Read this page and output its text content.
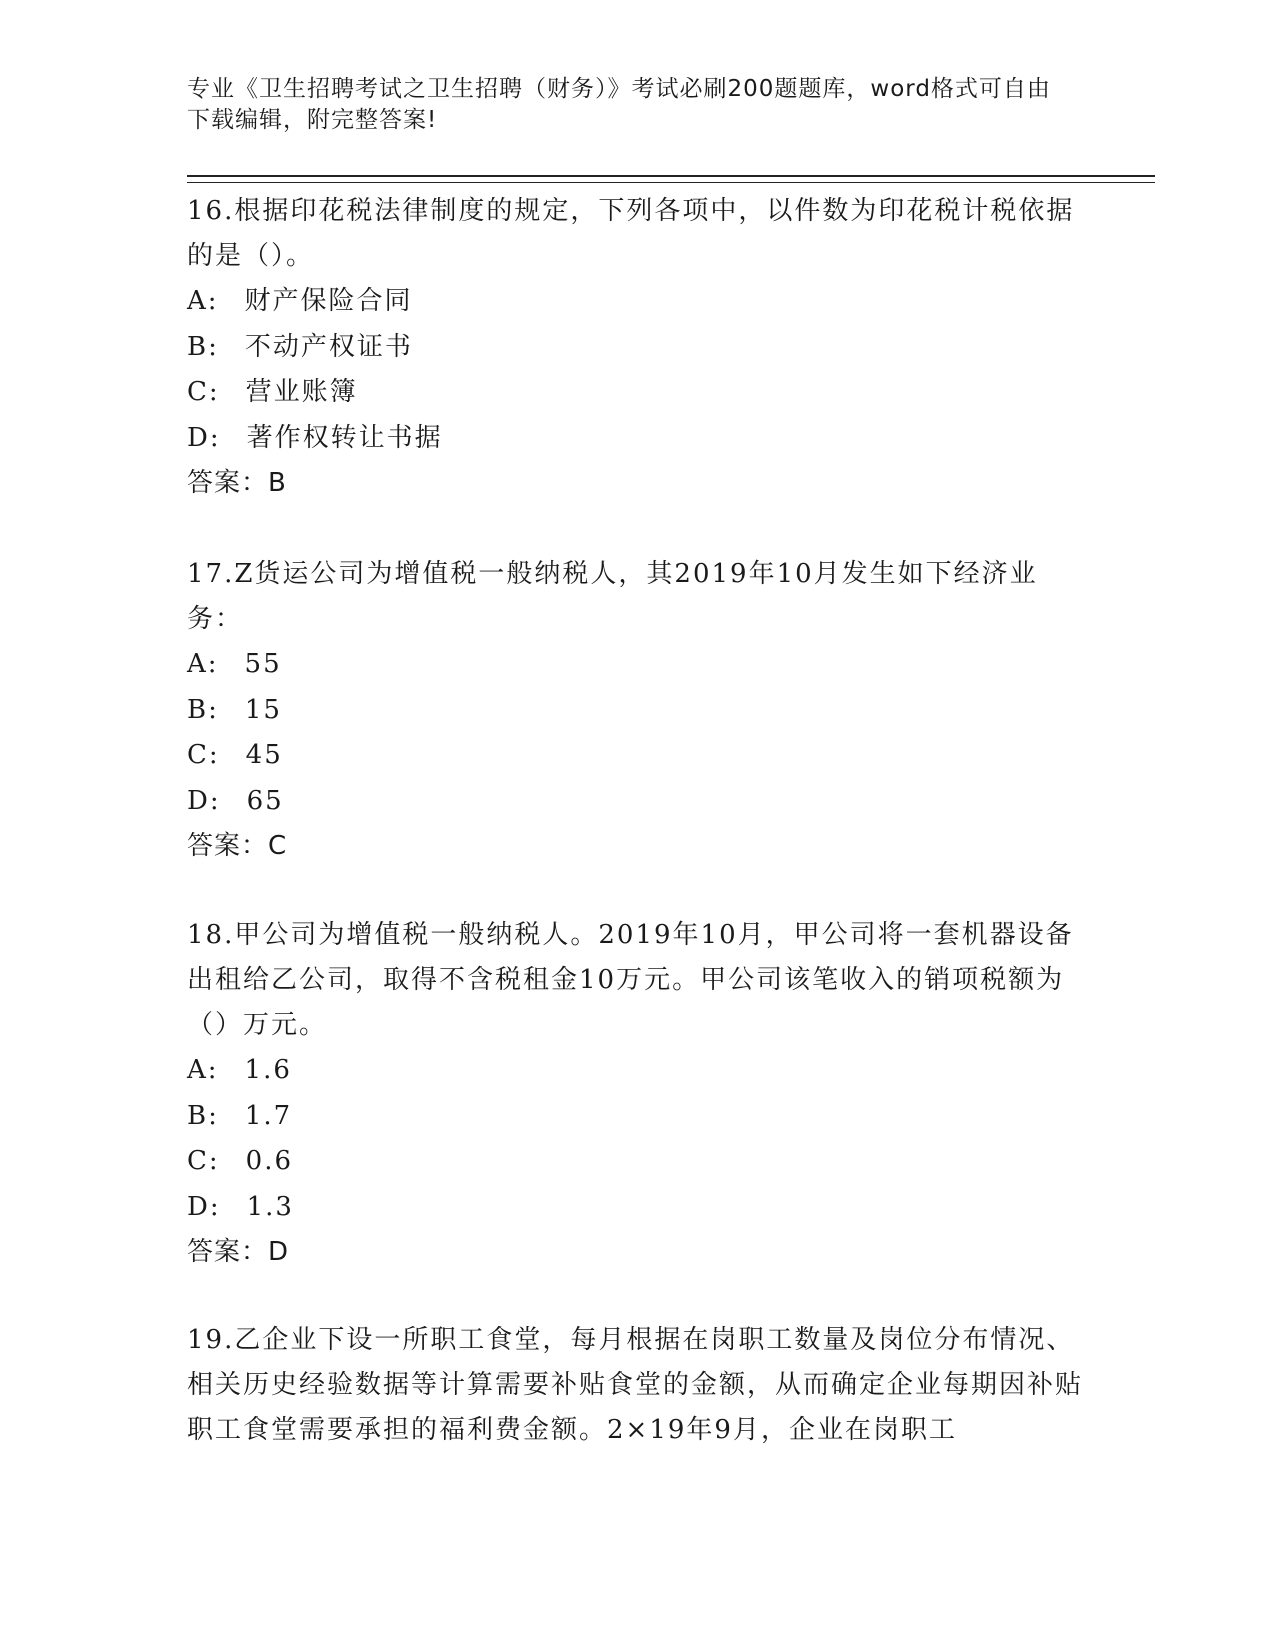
专业《卫生招聘考试之卫生招聘（财务）》考试必刷200题题库，word格式可自由下载编辑，附完整答案!

16.根据印花税法律制度的规定，下列各项中，以件数为印花税计税依据的是（）。

A: 财产保险合同

B: 不动产权证书

C: 营业账簿

D: 著作权转让书据

答案：B

17.Z货运公司为增值税一般纳税人，其2019年10月发生如下经济业务：

A: 55

B: 15

C: 45

D: 65

答案：C

18.甲公司为增值税一般纳税人。2019年10月，甲公司将一套机器设备出租给乙公司，取得不含税租金10万元。甲公司该笔收入的销项税额为（）万元。

A: 1.6

B: 1.7

C: 0.6

D: 1.3

答案：D

19.乙企业下设一所职工食堂，每月根据在岗职工数量及岗位分布情况、相关历史经验数据等计算需要补贴食堂的金额，从而确定企业每期因补贴职工食堂需要承担的福利费金额。2×19年9月，企业在岗职工
